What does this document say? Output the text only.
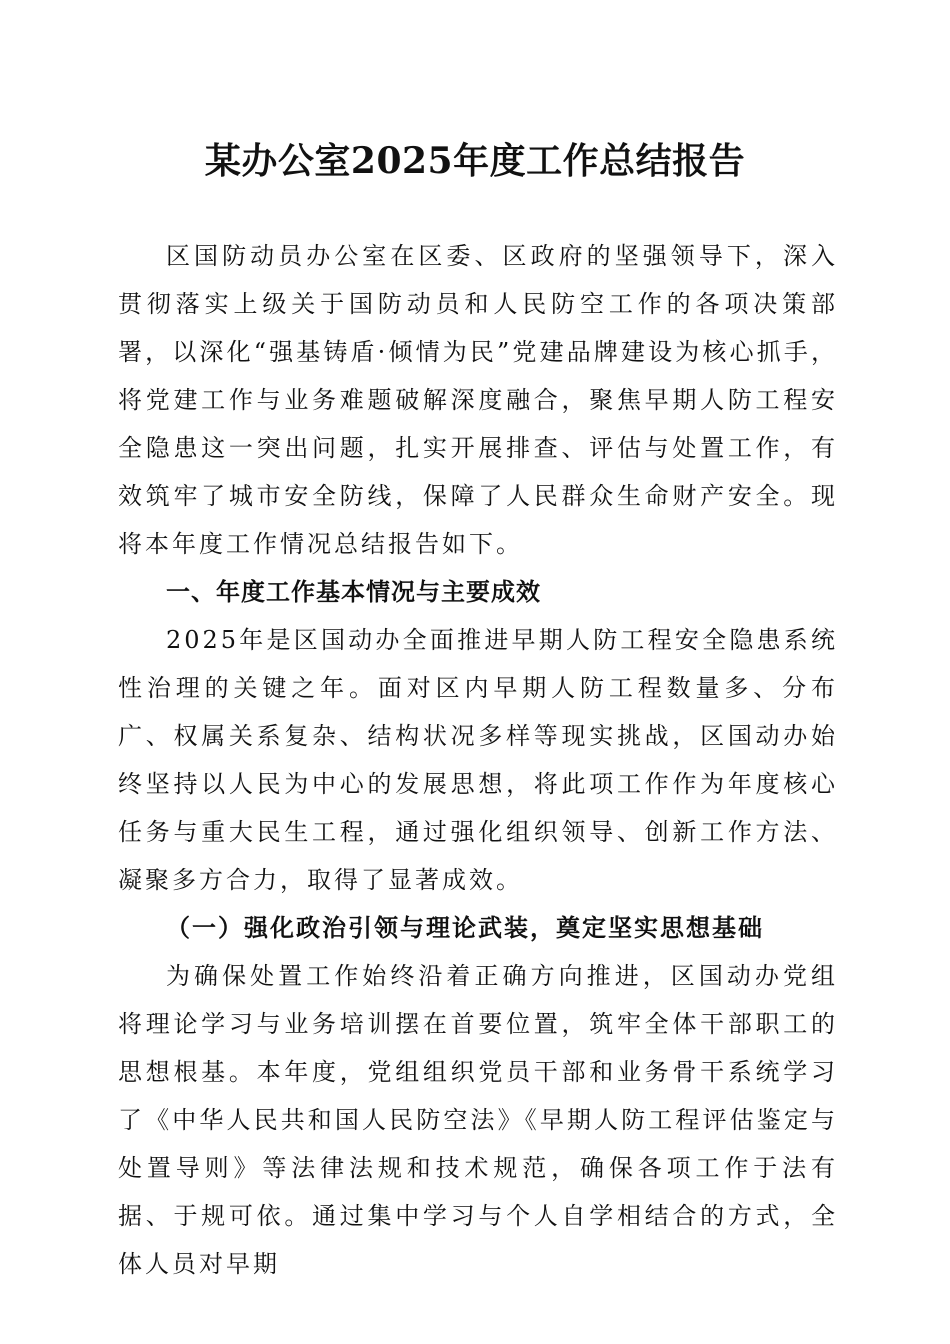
某办公室2025年度工作总结报告

区国防动员办公室在区委、区政府的坚强领导下，深入贯彻落实上级关于国防动员和人民防空工作的各项决策部署，以深化“强基铸盾·倾情为民”党建品牌建设为核心抓手，将党建工作与业务难题破解深度融合，聚焦早期人防工程安全隐患这一突出问题，扎实开展排查、评估与处置工作，有效筑牢了城市安全防线，保障了人民群众生命财产安全。现将本年度工作情况总结报告如下。

一、年度工作基本情况与主要成效

2025年是区国动办全面推进早期人防工程安全隐患系统性治理的关键之年。面对区内早期人防工程数量多、分布广、权属关系复杂、结构状况多样等现实挑战，区国动办始终坚持以人民为中心的发展思想，将此项工作作为年度核心任务与重大民生工程，通过强化组织领导、创新工作方法、凝聚多方合力，取得了显著成效。

（一）强化政治引领与理论武装，奠定坚实思想基础

为确保处置工作始终沿着正确方向推进，区国动办党组将理论学习与业务培训摆在首要位置，筑牢全体干部职工的思想根基。本年度，党组组织党员干部和业务骨干系统学习了《中华人民共和国人民防空法》《早期人防工程评估鉴定与处置导则》等法律法规和技术规范，确保各项工作于法有据、于规可依。通过集中学习与个人自学相结合的方式，全体人员对早期
